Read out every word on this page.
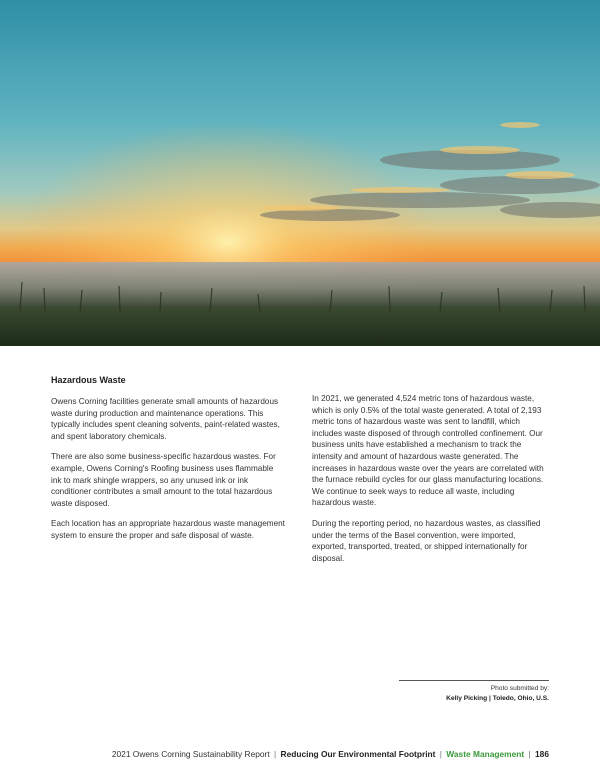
Hazardous Waste

Owens Corning facilities generate small amounts of hazardous waste during production and maintenance operations. This typically includes spent cleaning solvents, paint-related wastes, and spent laboratory chemicals.

There are also some business-specific hazardous wastes. For example, Owens Corning's Roofing business uses flammable ink to mark shingle wrappers, so any unused ink or ink conditioner contributes a small amount to the total hazardous waste disposed.

Each location has an appropriate hazardous waste management system to ensure the proper and safe disposal of waste.

In 2021, we generated 4,524 metric tons of hazardous waste, which is only 0.5% of the total waste generated. A total of 2,193 metric tons of hazardous waste was sent to landfill, which includes waste disposed of through controlled confinement. Our business units have established a mechanism to track the intensity and amount of hazardous waste generated. The increases in hazardous waste over the years are correlated with the furnace rebuild cycles for our glass manufacturing locations. We continue to seek ways to reduce all waste, including hazardous waste.

During the reporting period, no hazardous wastes, as classified under the terms of the Basel convention, were imported, exported, transported, treated, or shipped internationally for disposal.

Photo submitted by:
Kelly Picking | Toledo, Ohio, U.S.
2021 Owens Corning Sustainability Report | Reducing Our Environmental Footprint | Waste Management | 186
